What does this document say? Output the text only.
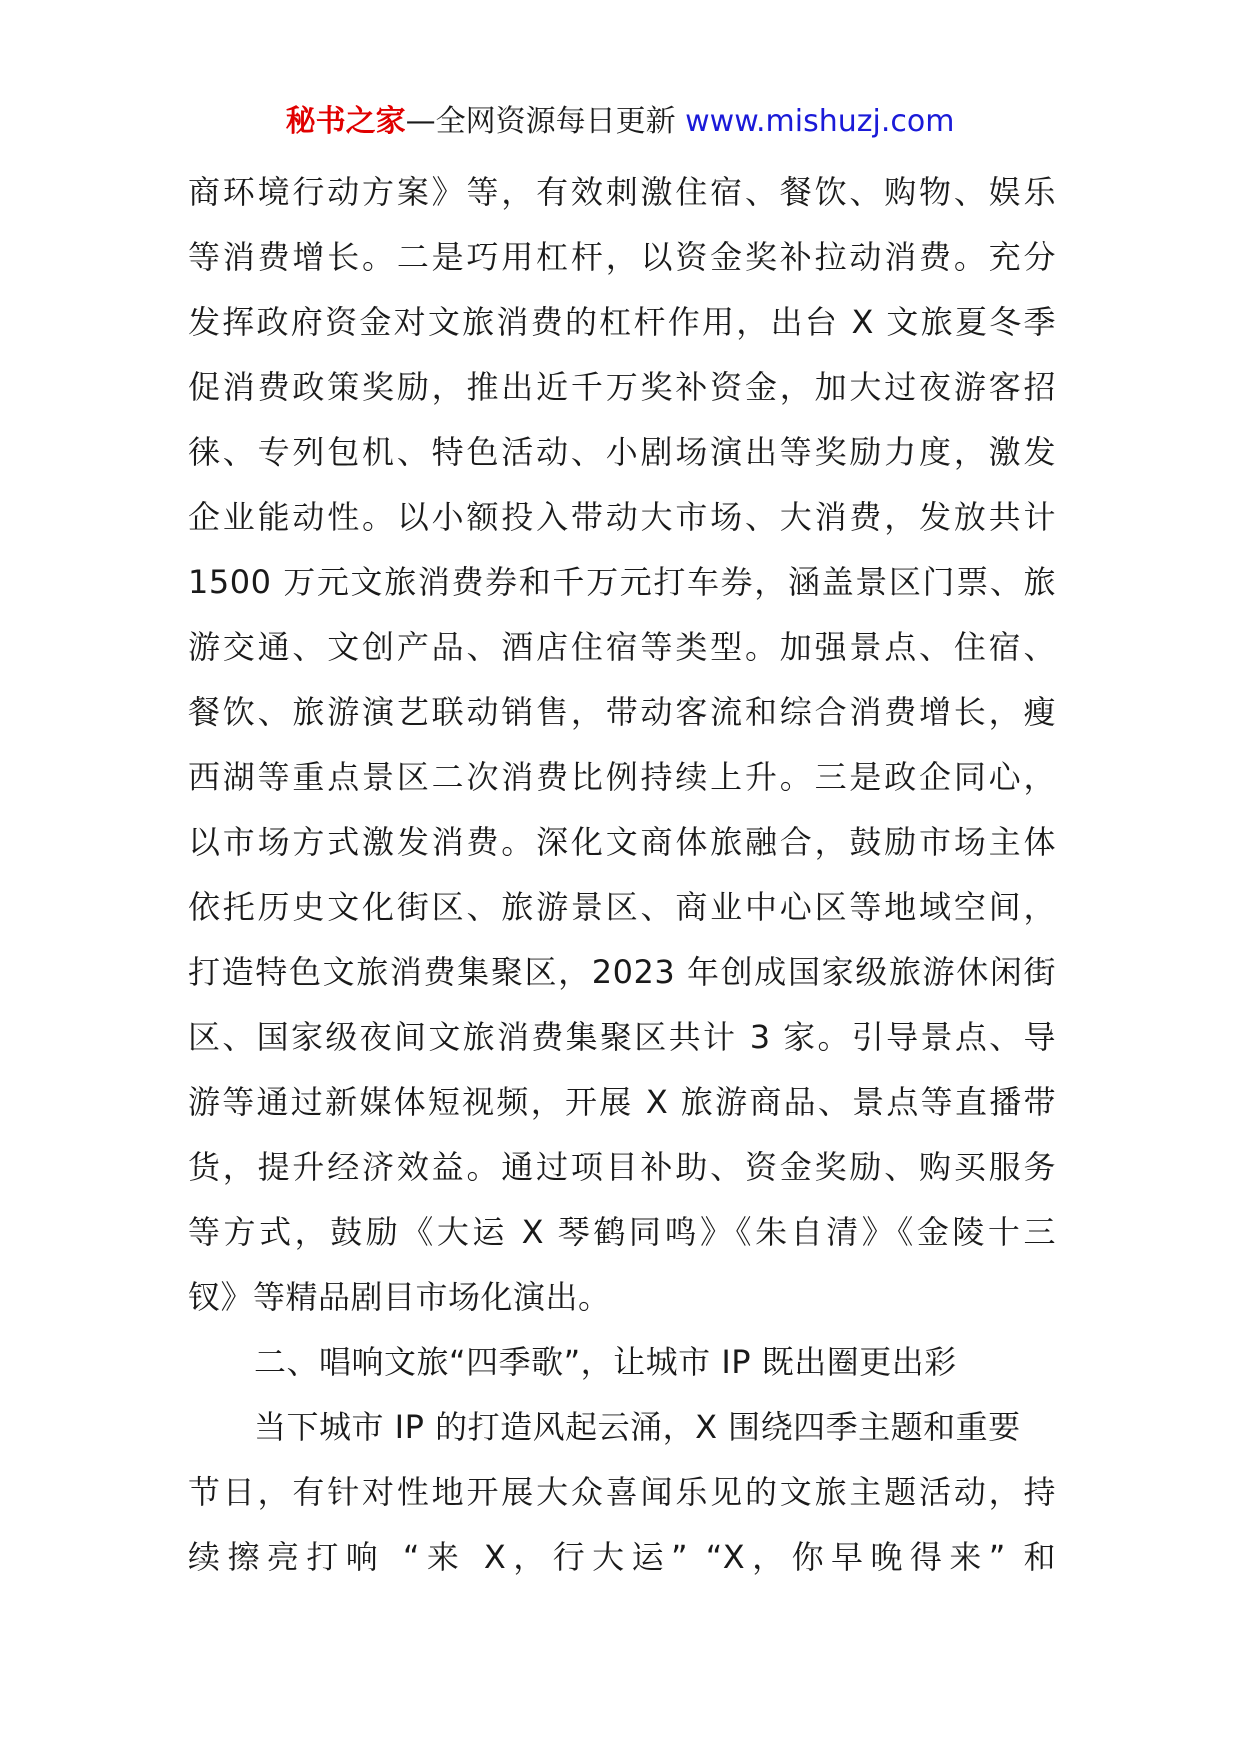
秘书之家—全网资源每日更新 www.mishuzj.com
商环境行动方案》等，有效刺激住宿、餐饮、购物、娱乐
等消费增长。二是巧用杠杆，以资金奖补拉动消费。充分
发挥政府资金对文旅消费的杠杆作用，出台 X 文旅夏冬季
促消费政策奖励，推出近千万奖补资金，加大过夜游客招
徕、专列包机、特色活动、小剧场演出等奖励力度，激发
企业能动性。以小额投入带动大市场、大消费，发放共计
1500 万元文旅消费券和千万元打车券，涵盖景区门票、旅
游交通、文创产品、酒店住宿等类型。加强景点、住宿、
餐饮、旅游演艺联动销售，带动客流和综合消费增长，瘦
西湖等重点景区二次消费比例持续上升。三是政企同心，
以市场方式激发消费。深化文商体旅融合，鼓励市场主体
依托历史文化街区、旅游景区、商业中心区等地域空间，
打造特色文旅消费集聚区，2023 年创成国家级旅游休闲街
区、国家级夜间文旅消费集聚区共计 3 家。引导景点、导
游等通过新媒体短视频，开展 X 旅游商品、景点等直播带
货，提升经济效益。通过项目补助、资金奖励、购买服务
等方式，鼓励《大运 X 琴鹤同鸣》《朱自清》《金陵十三
钗》等精品剧目市场化演出。
二、唱响文旅“四季歌”，让城市 IP 既出圈更出彩
当下城市 IP 的打造风起云涌，X 围绕四季主题和重要
节日，有针对性地开展大众喜闻乐见的文旅主题活动，持
续擦亮打响 “来 X，行大运” “X，你早晚得来” 和
